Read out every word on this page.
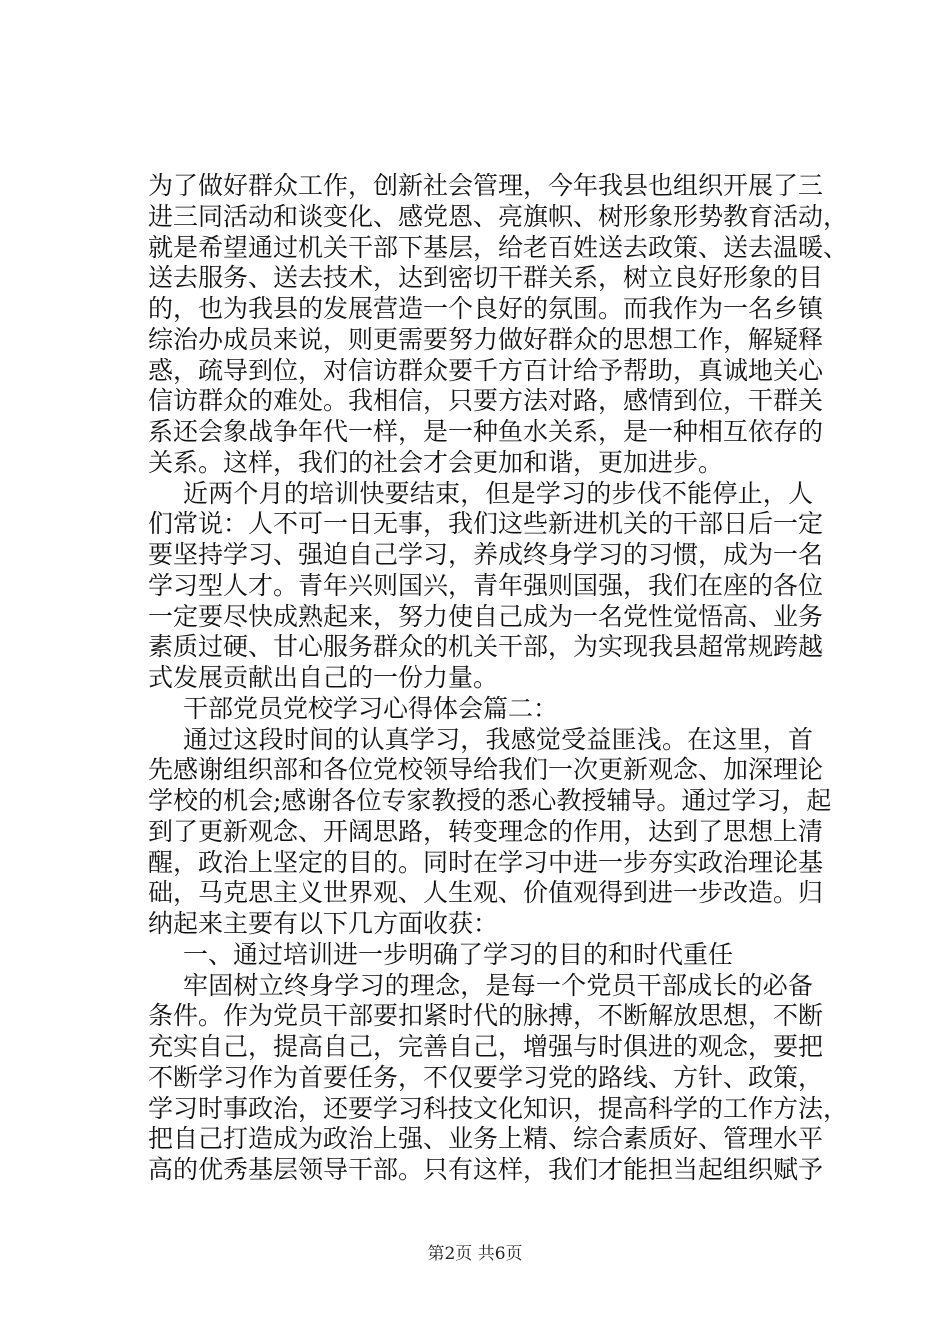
为了做好群众工作，创新社会管理，今年我县也组织开展了三
进三同活动和谈变化、感党恩、亮旗帜、树形象形势教育活动，
就是希望通过机关干部下基层，给老百姓送去政策、送去温暖、
送去服务、送去技术，达到密切干群关系，树立良好形象的目
的，也为我县的发展营造一个良好的氛围。而我作为一名乡镇
综治办成员来说，则更需要努力做好群众的思想工作，解疑释
惑，疏导到位，对信访群众要千方百计给予帮助，真诚地关心
信访群众的难处。我相信，只要方法对路，感情到位，干群关
系还会象战争年代一样，是一种鱼水关系，是一种相互依存的
关系。这样，我们的社会才会更加和谐，更加进步。
近两个月的培训快要结束，但是学习的步伐不能停止，人
们常说：人不可一日无事，我们这些新进机关的干部日后一定
要坚持学习、强迫自己学习，养成终身学习的习惯，成为一名
学习型人才。青年兴则国兴，青年强则国强，我们在座的各位
一定要尽快成熟起来，努力使自己成为一名党性觉悟高、业务
素质过硬、甘心服务群众的机关干部，为实现我县超常规跨越
式发展贡献出自己的一份力量。
干部党员党校学习心得体会篇二：
通过这段时间的认真学习，我感觉受益匪浅。在这里，首
先感谢组织部和各位党校领导给我们一次更新观念、加深理论
学校的机会;感谢各位专家教授的悉心教授辅导。通过学习，起
到了更新观念、开阔思路，转变理念的作用，达到了思想上清
醒，政治上坚定的目的。同时在学习中进一步夯实政治理论基
础，马克思主义世界观、人生观、价值观得到进一步改造。归
纳起来主要有以下几方面收获：
一、通过培训进一步明确了学习的目的和时代重任
牢固树立终身学习的理念，是每一个党员干部成长的必备
条件。作为党员干部要扣紧时代的脉搏，不断解放思想，不断
充实自己，提高自己，完善自己，增强与时俱进的观念，要把
不断学习作为首要任务，不仅要学习党的路线、方针、政策，
学习时事政治，还要学习科技文化知识，提高科学的工作方法，
把自己打造成为政治上强、业务上精、综合素质好、管理水平
高的优秀基层领导干部。只有这样，我们才能担当起组织赋予
第2页 共6页
